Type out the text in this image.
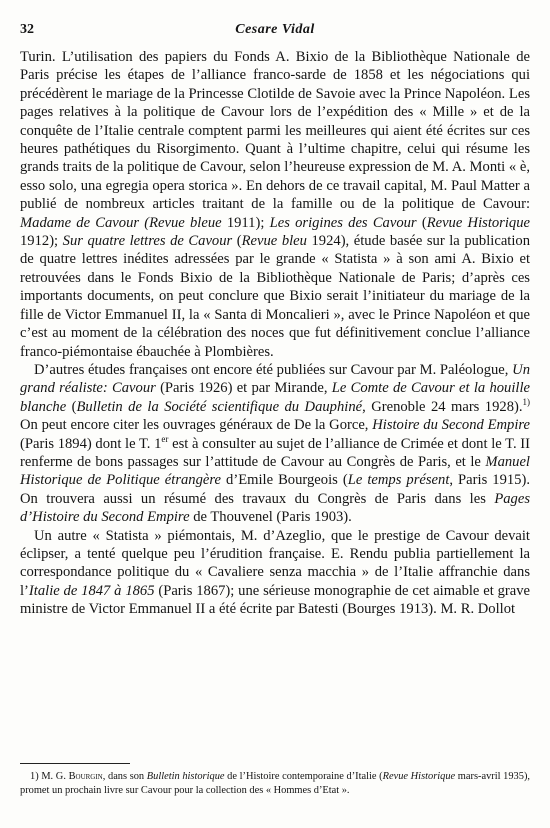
32	Cesare Vidal

Turin. L’utilisation des papiers du Fonds A. Bixio de la Bibliothèque Nationale de Paris précise les étapes de l’alliance franco-sarde de 1858 et les négociations qui précédèrent le mariage de la Princesse Clotilde de Savoie avec la Prince Napoléon. Les pages relatives à la politique de Cavour lors de l’expédition des « Mille » et de la conquête de l’Italie centrale comptent parmi les meilleures qui aient été écrites sur ces heures pathétiques du Risorgimento. Quant à l’ultime chapitre, celui qui résume les grands traits de la politique de Cavour, selon l’heureuse expression de M. A. Monti « è, esso solo, una egregia opera storica ». En dehors de ce travail capital, M. Paul Matter a publié de nombreux articles traitant de la famille ou de la politique de Cavour: Madame de Cavour (Revue bleue 1911); Les origines des Cavour (Revue Historique 1912); Sur quatre lettres de Cavour (Revue bleu 1924), étude basée sur la publication de quatre lettres inédites adressées par le grande « Statista » à son ami A. Bixio et retrouvées dans le Fonds Bixio de la Bibliothèque Nationale de Paris; d’après ces importants documents, on peut conclure que Bixio serait l’initiateur du mariage de la fille de Victor Emmanuel II, la « Santa di Moncalieri », avec le Prince Napoléon et que c’est au moment de la célébration des noces que fut définitivement conclue l’alliance franco-piémontaise ébauchée à Plombières.

D’autres études françaises ont encore été publiées sur Cavour par M. Paléologue, Un grand réaliste: Cavour (Paris 1926) et par Mirande, Le Comte de Cavour et la houille blanche (Bulletin de la Société scientifique du Dauphiné, Grenoble 24 mars 1928).$^{1)}$ On peut encore citer les ouvrages généraux de De la Gorce, Histoire du Second Empire (Paris 1894) dont le T. 1er est à consulter au sujet de l’alliance de Crimée et dont le T. II renferme de bons passages sur l’attitude de Cavour au Congrès de Paris, et le Manuel Historique de Politique étrangère d’Emile Bourgeois (Le temps présent, Paris 1915). On trouvera aussi un résumé des travaux du Congrès de Paris dans les Pages d’Histoire du Second Empire de Thouvenel (Paris 1903).

Un autre « Statista » piémontais, M. d’Azeglio, que le prestige de Cavour devait éclipser, a tenté quelque peu l’érudition française. E. Rendu publia partiellement la correspondance politique du « Cavaliere senza macchia » de l’Italie affranchie dans l’Italie de 1847 à 1865 (Paris 1867); une sérieuse monographie de cet aimable et grave ministre de Victor Emmanuel II a été écrite par Batesti (Bourges 1913). M. R. Dollot

1) M. G. Bourgin, dans son Bulletin historique de l’Histoire contemporaine d’Italie (Revue Historique mars-avril 1935), promet un prochain livre sur Cavour pour la collection des « Hommes d’Etat ».
